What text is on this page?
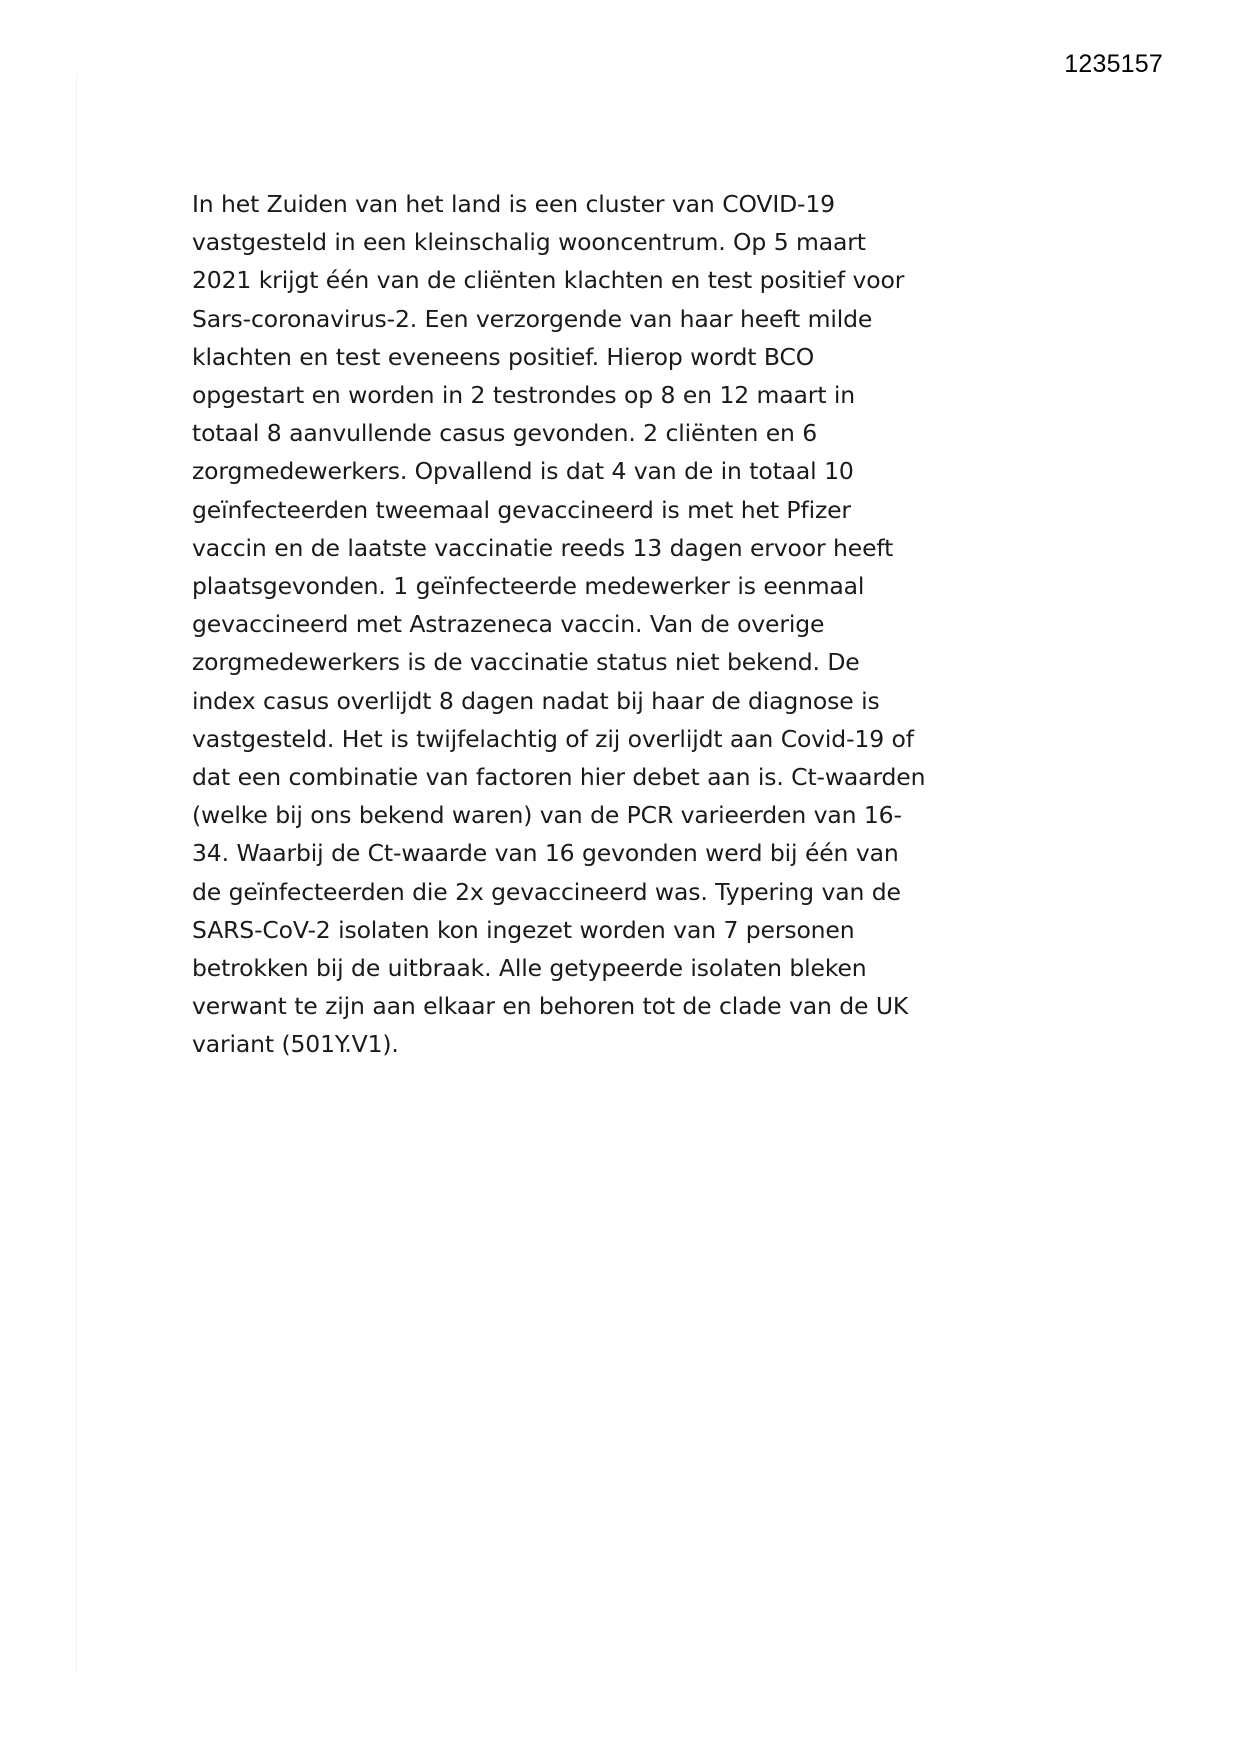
1235157

In het Zuiden van het land is een cluster van COVID-19 vastgesteld in een kleinschalig wooncentrum. Op 5 maart 2021 krijgt één van de cliënten klachten en test positief voor Sars-coronavirus-2. Een verzorgende van haar heeft milde klachten en test eveneens positief. Hierop wordt BCO opgestart en worden in 2 testrondes op 8 en 12 maart in totaal 8 aanvullende casus gevonden. 2 cliënten en 6 zorgmedewerkers. Opvallend is dat 4 van de in totaal 10 geïnfecteerden tweemaal gevaccineerd is met het Pfizer vaccin en de laatste vaccinatie reeds 13 dagen ervoor heeft plaatsgevonden. 1 geïnfecteerde medewerker is eenmaal gevaccineerd met Astrazeneca vaccin. Van de overige zorgmedewerkers is de vaccinatie status niet bekend. De index casus overlijdt 8 dagen nadat bij haar de diagnose is vastgesteld. Het is twijfelachtig of zij overlijdt aan Covid-19 of dat een combinatie van factoren hier debet aan is. Ct-waarden (welke bij ons bekend waren) van de PCR varieerden van 16-34. Waarbij de Ct-waarde van 16 gevonden werd bij één van de geïnfecteerden die 2x gevaccineerd was. Typering van de SARS-CoV-2 isolaten kon ingezet worden van 7 personen betrokken bij de uitbraak. Alle getypeerde isolaten bleken verwant te zijn aan elkaar en behoren tot de clade van de UK variant (501Y.V1).
